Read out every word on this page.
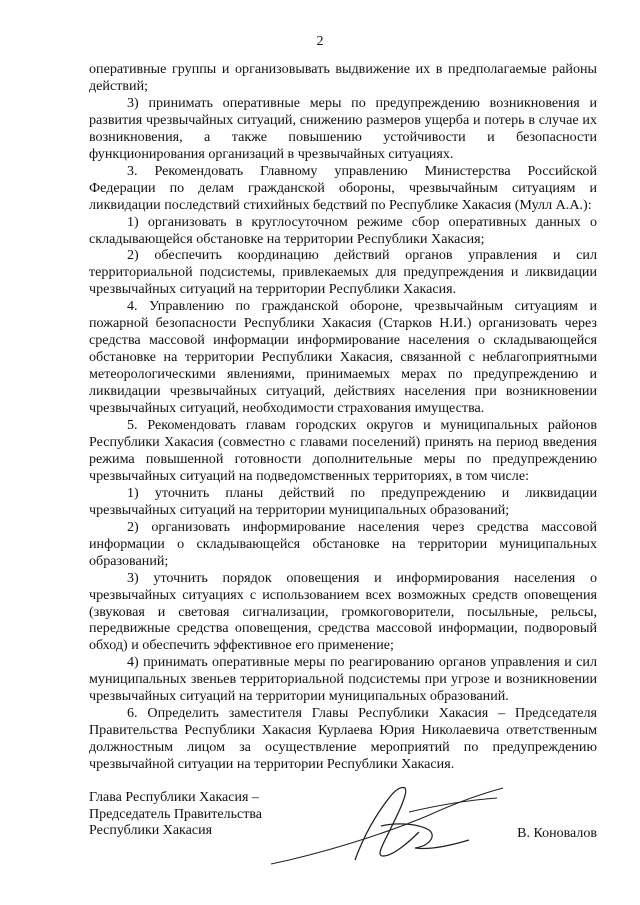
2

оперативные группы и организовывать выдвижение их в предполагаемые районы действий;

3) принимать оперативные меры по предупреждению возникновения и развития чрезвычайных ситуаций, снижению размеров ущерба и потерь в случае их возникновения, а также повышению устойчивости и безопасности функционирования организаций в чрезвычайных ситуациях.

3. Рекомендовать Главному управлению Министерства Российской Федерации по делам гражданской обороны, чрезвычайным ситуациям и ликвидации последствий стихийных бедствий по Республике Хакасия (Мулл А.А.):

1) организовать в круглосуточном режиме сбор оперативных данных о складывающейся обстановке на территории Республики Хакасия;

2) обеспечить координацию действий органов управления и сил территориальной подсистемы, привлекаемых для предупреждения и ликвидации чрезвычайных ситуаций на территории Республики Хакасия.

4. Управлению по гражданской обороне, чрезвычайным ситуациям и пожарной безопасности Республики Хакасия (Старков Н.И.) организовать через средства массовой информации информирование населения о складывающейся обстановке на территории Республики Хакасия, связанной с неблагоприятными метеорологическими явлениями, принимаемых мерах по предупреждению и ликвидации чрезвычайных ситуаций, действиях населения при возникновении чрезвычайных ситуаций, необходимости страхования имущества.

5. Рекомендовать главам городских округов и муниципальных районов Республики Хакасия (совместно с главами поселений) принять на период введения режима повышенной готовности дополнительные меры по предупреждению чрезвычайных ситуаций на подведомственных территориях, в том числе:

1) уточнить планы действий по предупреждению и ликвидации чрезвычайных ситуаций на территории муниципальных образований;

2) организовать информирование населения через средства массовой информации о складывающейся обстановке на территории муниципальных образований;

3) уточнить порядок оповещения и информирования населения о чрезвычайных ситуациях с использованием всех возможных средств оповещения (звуковая и световая сигнализации, громкоговорители, посыльные, рельсы, передвижные средства оповещения, средства массовой информации, подворовый обход) и обеспечить эффективное его применение;

4) принимать оперативные меры по реагированию органов управления и сил муниципальных звеньев территориальной подсистемы при угрозе и возникновении чрезвычайных ситуаций на территории муниципальных образований.

6. Определить заместителя Главы Республики Хакасия – Председателя Правительства Республики Хакасия Курлаева Юрия Николаевича ответственным должностным лицом за осуществление мероприятий по предупреждению чрезвычайной ситуации на территории Республики Хакасия.

Глава Республики Хакасия –
Председатель Правительства
Республики Хакасия	В. Коновалов
